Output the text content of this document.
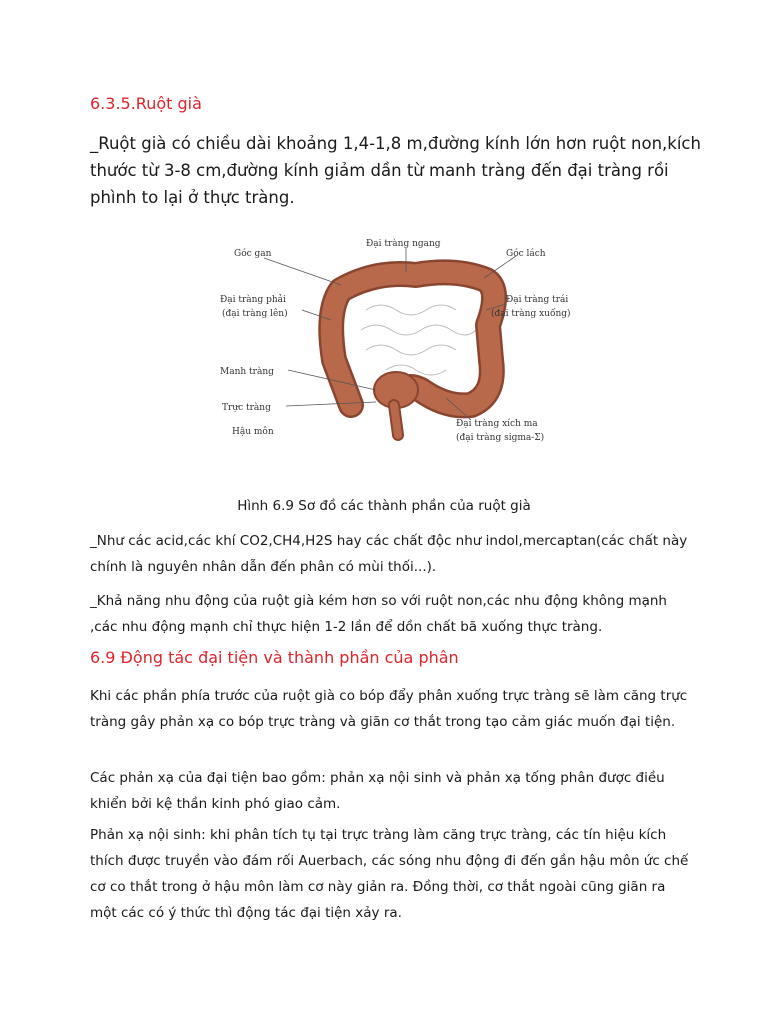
6.3.5.Ruột già

_Ruột già có chiều dài khoảng 1,4-1,8 m,đường kính lớn hơn ruột non,kích thước từ 3-8 cm,đường kính giảm dần từ manh tràng đến đại tràng rồi phình to lại ở thực tràng.

Góc gan
Đại tràng ngang
Góc lách
Đại tràng phải
(đại tràng lên)
Đại tràng trái
(đại tràng xuống)
Manh tràng
Trực tràng
Hậu môn
Đại tràng xích ma
(đại tràng sigma-Σ)

Hình 6.9 Sơ đồ các thành phần của ruột già

_Như các acid,các khí CO2,CH4,H2S hay các chất độc như indol,mercaptan(các chất này chính là nguyên nhân dẫn đến phân có mùi thối...).

_Khả năng nhu động của ruột già kém hơn so với ruột non,các nhu động không mạnh ,các nhu động mạnh chỉ thực hiện 1-2 lần để dồn chất bã xuống thực tràng.

6.9 Động tác đại tiện và thành phần của phân

Khi các phần phía trước của ruột già co bóp đẩy phân xuống trực tràng sẽ làm căng trực tràng gây phản xạ co bóp trực tràng và giãn cơ thắt trong tạo cảm giác muốn đại tiện.

Các phản xạ của đại tiện bao gồm: phản xạ nội sinh và phản xạ tống phân được điều khiển bởi kệ thần kinh phó giao cảm.

Phản xạ nội sinh: khi phân tích tụ tại trực tràng làm căng trực tràng, các tín hiệu kích thích được truyền vào đám rối Auerbach, các sóng nhu động đi đến gần hậu môn ức chế cơ co thắt trong ở hậu môn làm cơ này giản ra. Đồng thời, cơ thắt ngoài cũng giãn ra một các có ý thức thì động tác đại tiện xảy ra.
